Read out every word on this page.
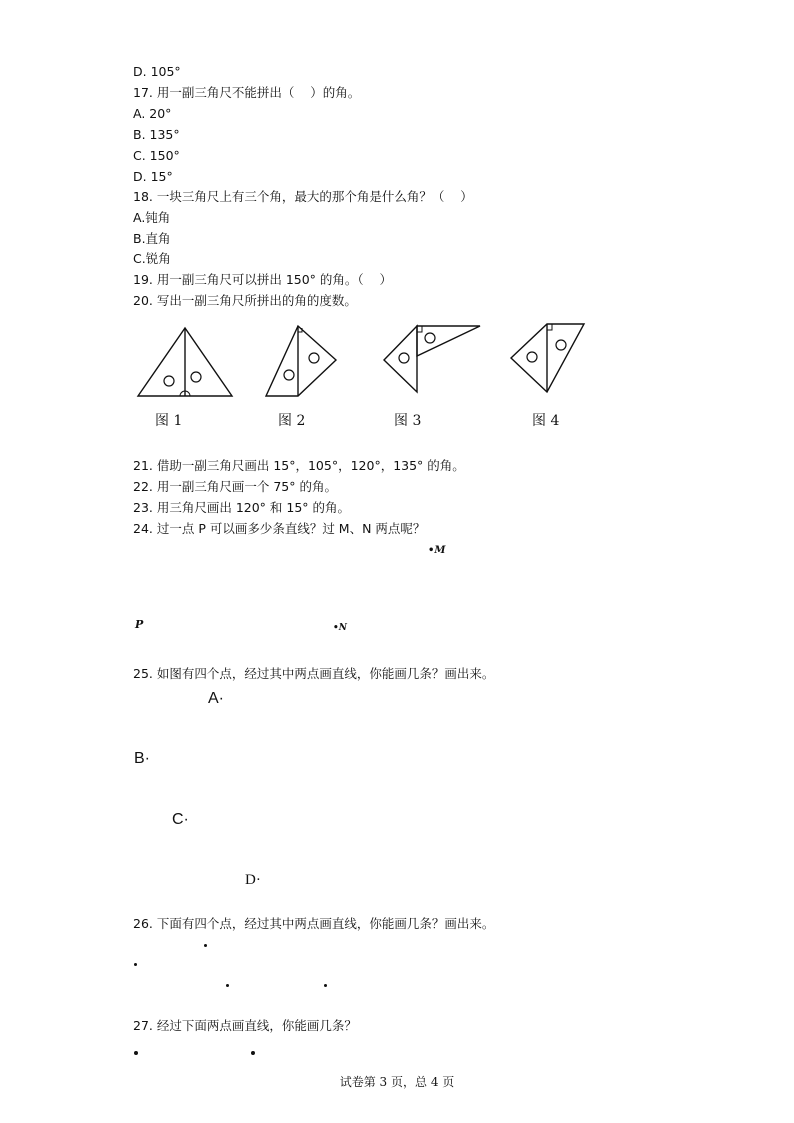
D. 105°
17. 用一副三角尺不能拼出（    ）的角。
A. 20°
B. 135°
C. 150°
D. 15°
18. 一块三角尺上有三个角，最大的那个角是什么角？（    ）
A.钝角
B.直角
C.锐角
19. 用一副三角尺可以拼出 150° 的角。（    ）
20. 写出一副三角尺所拼出的角的度数。
图 1	图 2	图 3	图 4
21. 借助一副三角尺画出 15°，105°，120°，135° 的角。
22. 用一副三角尺画一个 75° 的角。
23. 用三角尺画出 120° 和 15° 的角。
24. 过一点 P 可以画多少条直线？过 M、N 两点呢？
•M
P	•N
25. 如图有四个点，经过其中两点画直线，你能画几条？画出来。
A·
B·
C·
D·
26. 下面有四个点，经过其中两点画直线，你能画几条？画出来。
27. 经过下面两点画直线，你能画几条？
试卷第 3 页，总 4 页
